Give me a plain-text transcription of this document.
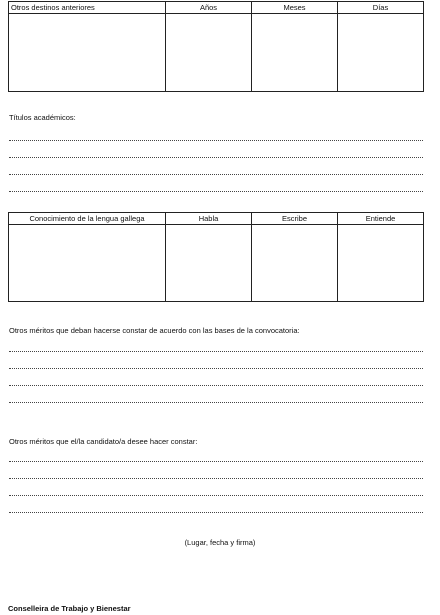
Otros destinos anteriores	Años	Meses	Días

Títulos académicos:
Conocimiento de la lengua gallega	Habla	Escribe	Entiende

Otros méritos que deban hacerse constar de acuerdo con las bases de la convocatoria:
Otros méritos que el/la candidato/a desee hacer constar:
(Lugar, fecha y firma)
Conselleira de Trabajo y Bienestar
